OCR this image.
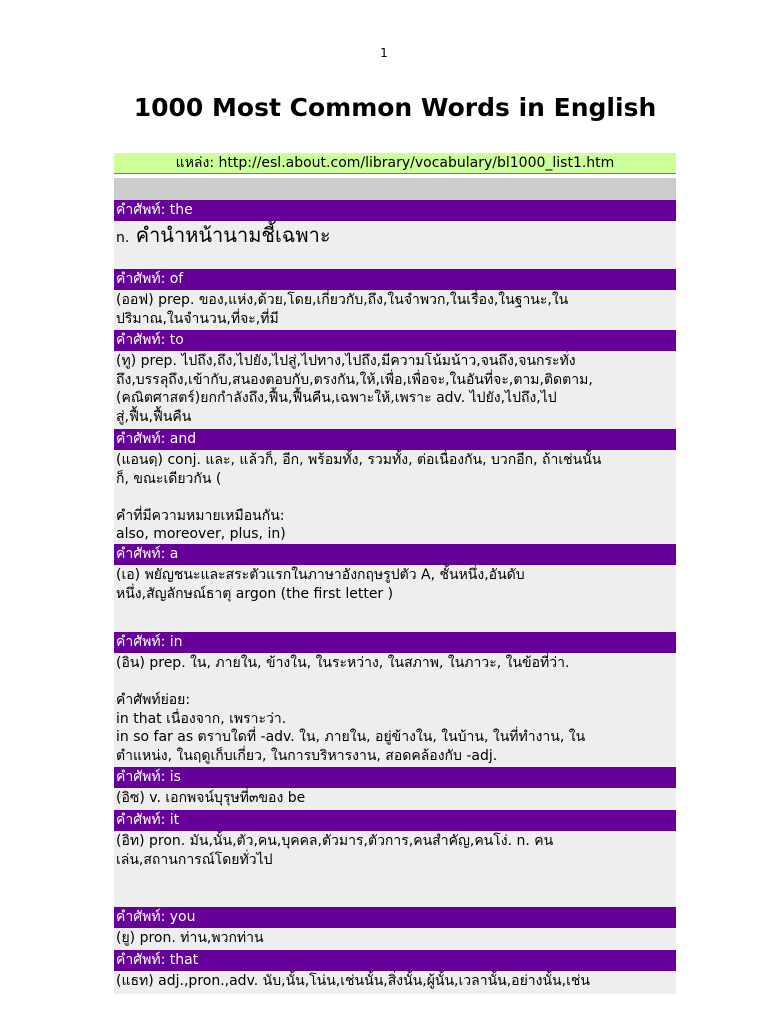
1
1000 Most Common Words in English
แหล่ง: http://esl.about.com/library/vocabulary/bl1000_list1.htm
คำศัพท์: the
n. คำนำหน้านามชี้เฉพาะ
คำศัพท์: of
(ออฟ) prep. ของ,แห่ง,ด้วย,โดย,เกี่ยวกับ,ถึง,ในจำพวก,ในเรื่อง,ในฐานะ,ใน
ปริมาณ,ในจำนวน,ที่จะ,ที่มี
คำศัพท์: to
(ทู) prep. ไปถึง,ถึง,ไปยัง,ไปสู่,ไปทาง,ไปถึง,มีความโน้มน้าว,จนถึง,จนกระทั่ง
ถึง,บรรลุถึง,เข้ากับ,สนองตอบกับ,ตรงกัน,ให้,เพื่อ,เพื่อจะ,ในอันที่จะ,ตาม,ติดตาม,
(คณิตศาสตร์)ยกกำลังถึง,ฟื้น,ฟื้นคืน,เฉพาะให้,เพราะ adv. ไปยัง,ไปถึง,ไป
สู่,ฟื้น,ฟื้นคืน
คำศัพท์: and
(แอนดฺ) conj. และ, แล้วก็, อีก, พร้อมทั้ง, รวมทั้ง, ต่อเนื่องกัน, บวกอีก, ถ้าเช่นนั้น
ก็, ขณะเดียวกัน (

คำที่มีความหมายเหมือนกัน:
also, moreover, plus, in)
คำศัพท์: a
(เอ) พยัญชนะและสระตัวแรกในภาษาอังกฤษรูปตัว A, ชั้นหนึ่ง,อันดับ
หนึ่ง,สัญลักษณ์ธาตุ argon (the first letter )
คำศัพท์: in
(อิน) prep. ใน, ภายใน, ข้างใน, ในระหว่าง, ในสภาพ, ในภาวะ, ในข้อที่ว่า.

คำศัพท์ย่อย:
in that เนื่องจาก, เพราะว่า.
in so far as ตราบใดที่ -adv. ใน, ภายใน, อยู่ข้างใน, ในบ้าน, ในที่ทำงาน, ใน
ตำแหน่ง, ในฤดูเก็บเกี่ยว, ในการบริหารงาน, สอดคล้องกับ -adj.
คำศัพท์: is
(อิซ) v. เอกพจน์บุรุษที่๓ของ be
คำศัพท์: it
(อิท) pron. มัน,นั้น,ตัว,คน,บุคคล,ตัวมาร,ตัวการ,คนสำคัญ,คนโง่. n. คน
เล่น,สถานการณ์โดยทั่วไป
คำศัพท์: you
(ยู) pron. ท่าน,พวกท่าน
คำศัพท์: that
(แธท) adj.,pron.,adv. นับ,นั้น,โน่น,เช่นนั้น,สิ่งนั้น,ผู้นั้น,เวลานั้น,อย่างนั้น,เช่น
